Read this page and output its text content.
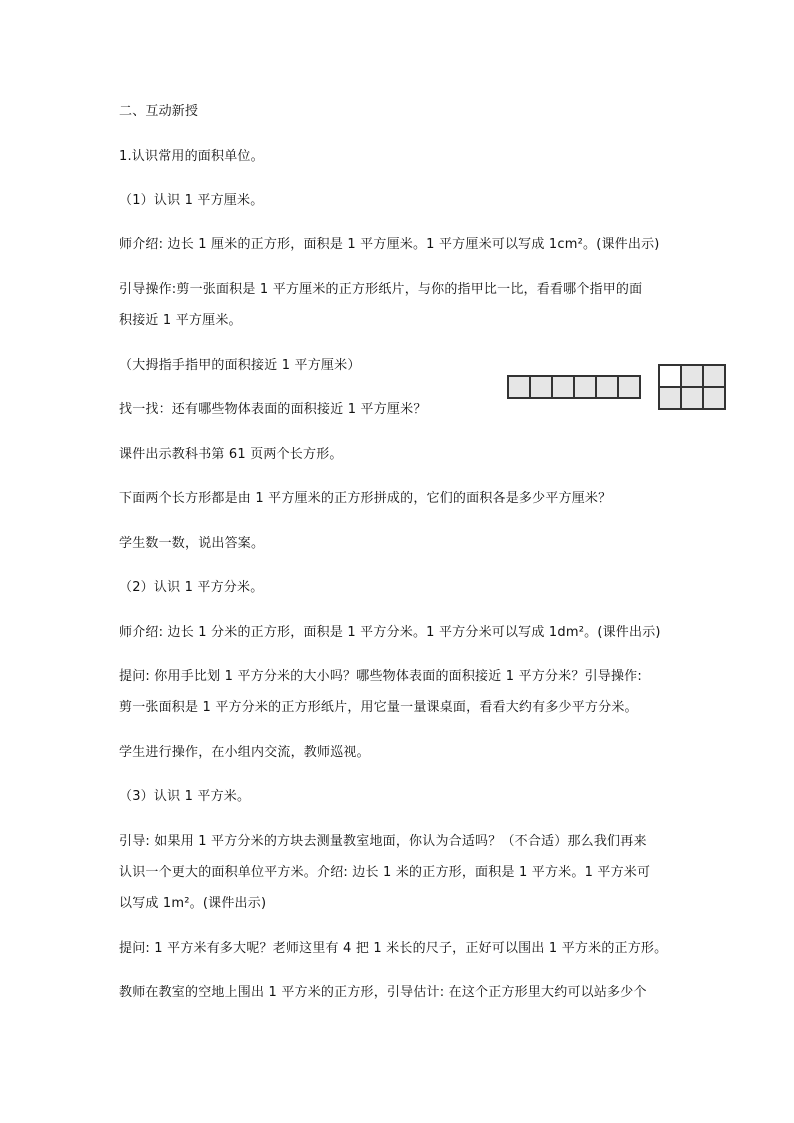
二、互动新授
1.认识常用的面积单位。
（1）认识 1 平方厘米。
师介绍: 边长 1 厘米的正方形，面积是 1 平方厘米。1 平方厘米可以写成 1cm²。(课件出示)
引导操作:剪一张面积是 1 平方厘米的正方形纸片，与你的指甲比一比，看看哪个指甲的面
积接近 1 平方厘米。
（大拇指手指甲的面积接近 1 平方厘米）
找一找：还有哪些物体表面的面积接近 1 平方厘米？
课件出示教科书第 61 页两个长方形。
下面两个长方形都是由 1 平方厘米的正方形拼成的，它们的面积各是多少平方厘米？
学生数一数，说出答案。
（2）认识 1 平方分米。
师介绍: 边长 1 分米的正方形，面积是 1 平方分米。1 平方分米可以写成 1dm²。(课件出示)
提问: 你用手比划 1 平方分米的大小吗？哪些物体表面的面积接近 1 平方分米？引导操作:
剪一张面积是 1 平方分米的正方形纸片，用它量一量课桌面，看看大约有多少平方分米。
学生进行操作，在小组内交流，教师巡视。
（3）认识 1 平方米。
引导: 如果用 1 平方分米的方块去测量教室地面，你认为合适吗？（不合适）那么我们再来
认识一个更大的面积单位平方米。介绍: 边长 1 米的正方形，面积是 1 平方米。1 平方米可
以写成 1m²。(课件出示)
提问: 1 平方米有多大呢？老师这里有 4 把 1 米长的尺子，正好可以围出 1 平方米的正方形。
教师在教室的空地上围出 1 平方米的正方形，引导估计: 在这个正方形里大约可以站多少个
